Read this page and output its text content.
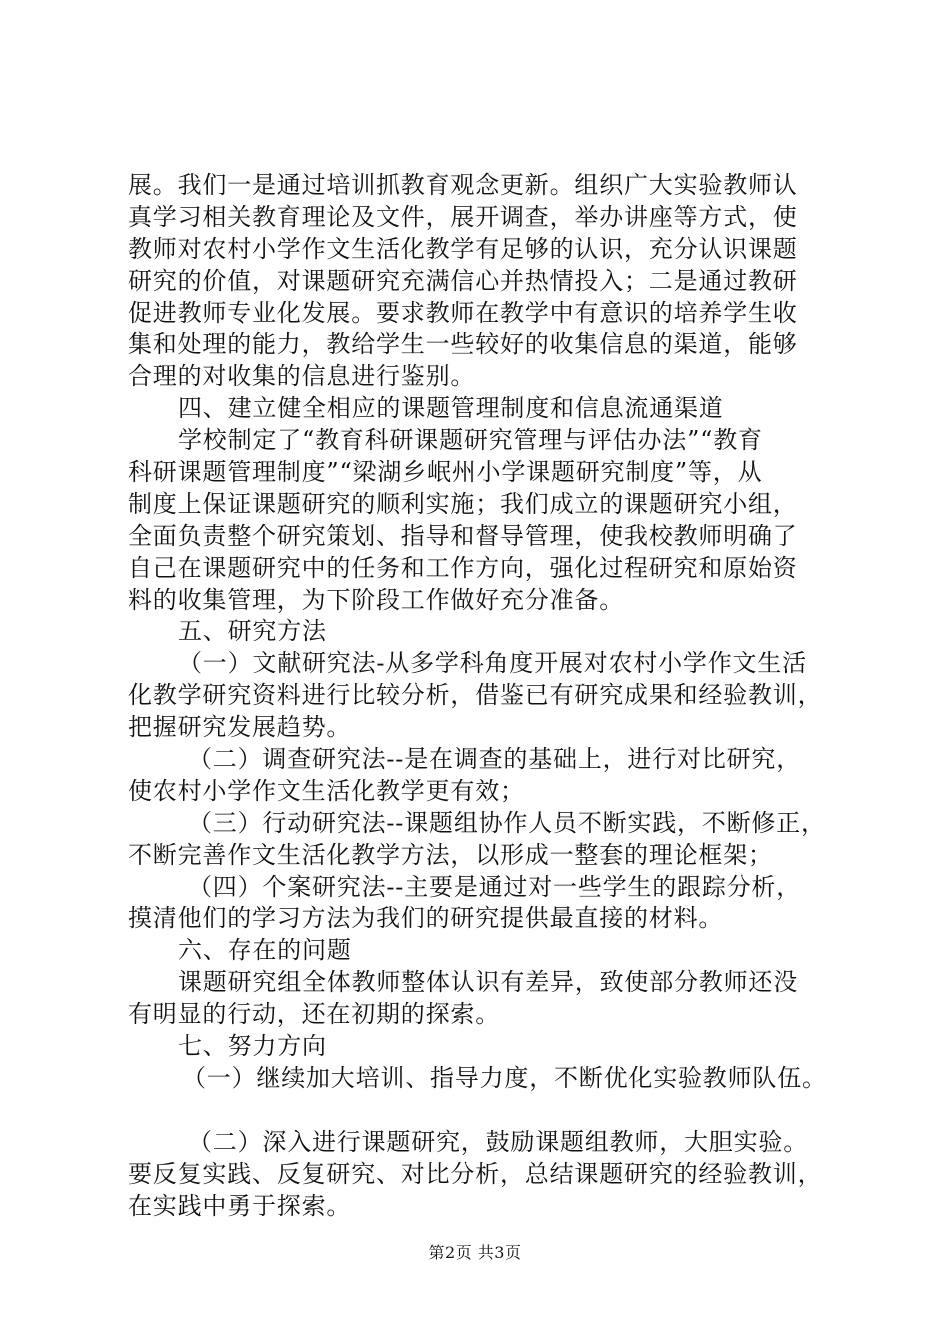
展。我们一是通过培训抓教育观念更新。组织广大实验教师认
真学习相关教育理论及文件，展开调查，举办讲座等方式，使
教师对农村小学作文生活化教学有足够的认识，充分认识课题
研究的价值，对课题研究充满信心并热情投入；二是通过教研
促进教师专业化发展。要求教师在教学中有意识的培养学生收
集和处理的能力，教给学生一些较好的收集信息的渠道，能够
合理的对收集的信息进行鉴别。
四、建立健全相应的课题管理制度和信息流通渠道
学校制定了“教育科研课题研究管理与评估办法”“教育
科研课题管理制度”“梁湖乡岷州小学课题研究制度”等，从
制度上保证课题研究的顺利实施；我们成立的课题研究小组，
全面负责整个研究策划、指导和督导管理，使我校教师明确了
自己在课题研究中的任务和工作方向，强化过程研究和原始资
料的收集管理，为下阶段工作做好充分准备。
五、研究方法
（一）文献研究法-从多学科角度开展对农村小学作文生活
化教学研究资料进行比较分析，借鉴已有研究成果和经验教训，
把握研究发展趋势。
（二）调查研究法--是在调查的基础上，进行对比研究，
使农村小学作文生活化教学更有效；
（三）行动研究法--课题组协作人员不断实践，不断修正，
不断完善作文生活化教学方法，以形成一整套的理论框架；
（四）个案研究法--主要是通过对一些学生的跟踪分析，
摸清他们的学习方法为我们的研究提供最直接的材料。
六、存在的问题
课题研究组全体教师整体认识有差异，致使部分教师还没
有明显的行动，还在初期的探索。
七、努力方向
（一）继续加大培训、指导力度，不断优化实验教师队伍。
（二）深入进行课题研究，鼓励课题组教师，大胆实验。
要反复实践、反复研究、对比分析，总结课题研究的经验教训，
在实践中勇于探索。
第2页 共3页
